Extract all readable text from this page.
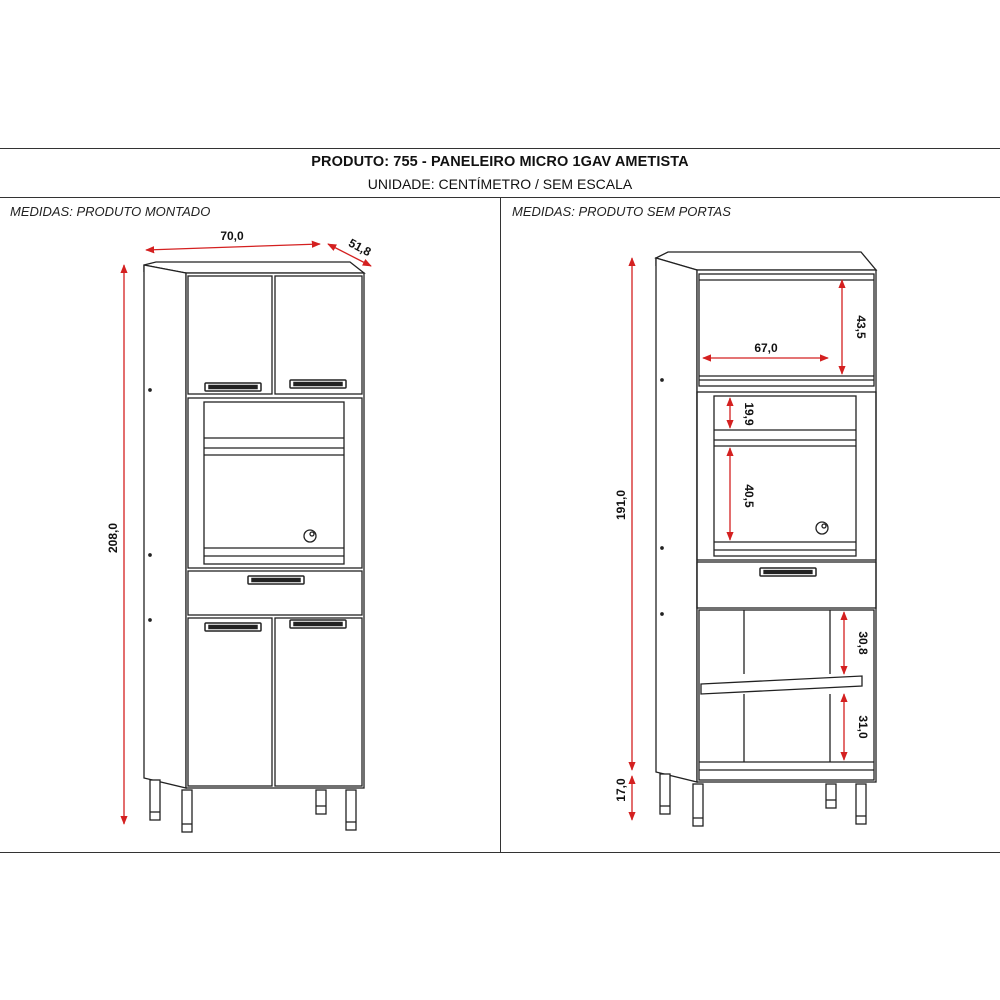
PRODUTO: 755 - PANELEIRO MICRO 1GAV AMETISTA
UNIDADE: CENTÍMETRO / SEM ESCALA
MEDIDAS: PRODUTO MONTADO	MEDIDAS: PRODUTO SEM PORTAS
70,0	51,8
208,0
191,0
17,0
67,0
43,5
19,9
40,5
30,8
31,0
